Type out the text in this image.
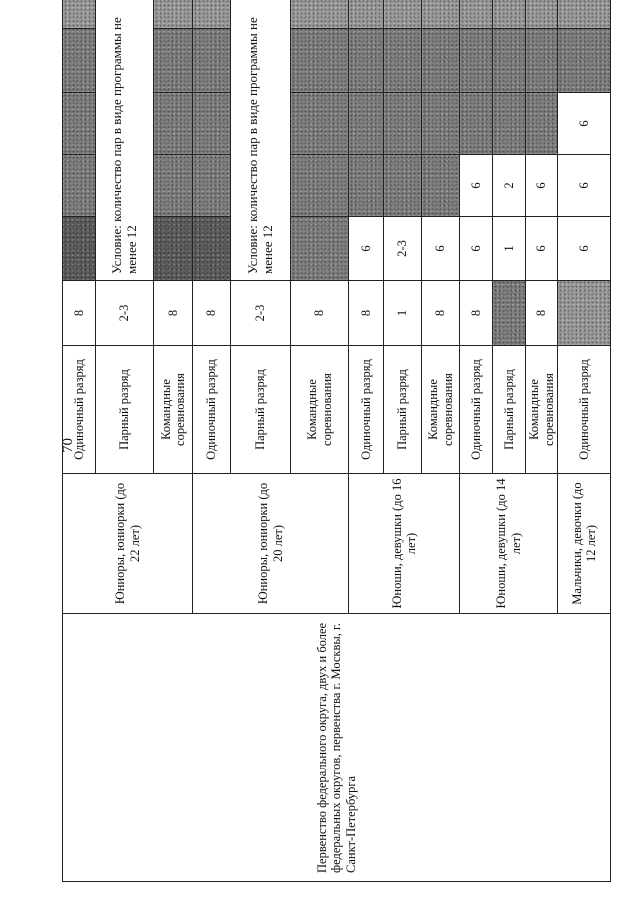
70
Первенство федерального округа, двух и более федеральных округов, первенства г. Москвы, г. Санкт-Петербурга	Юниоры, юниорки (до 22 лет)	Одиночный разряд	8					
		Парный разряд	2-3	Условие: количество пар в виде программы не менее 12				
		Командные соревнования	8					
	Юниоры, юниорки (до 20 лет)	Одиночный разряд	8					
		Парный разряд	2-3	Условие: количество пар в виде программы не менее 12				
		Командные соревнования	8					
	Юноши, девушки (до 16 лет)	Одиночный разряд	8	6				
		Парный разряд	1	2-3				
		Командные соревнования	8	6				
	Юноши, девушки (до 14 лет)	Одиночный разряд	8	6	6			
		Парный разряд		1	2			
		Командные соревнования	8	6	6			
	Мальчики, девочки (до 12 лет)	Одиночный разряд		6	6	6		
